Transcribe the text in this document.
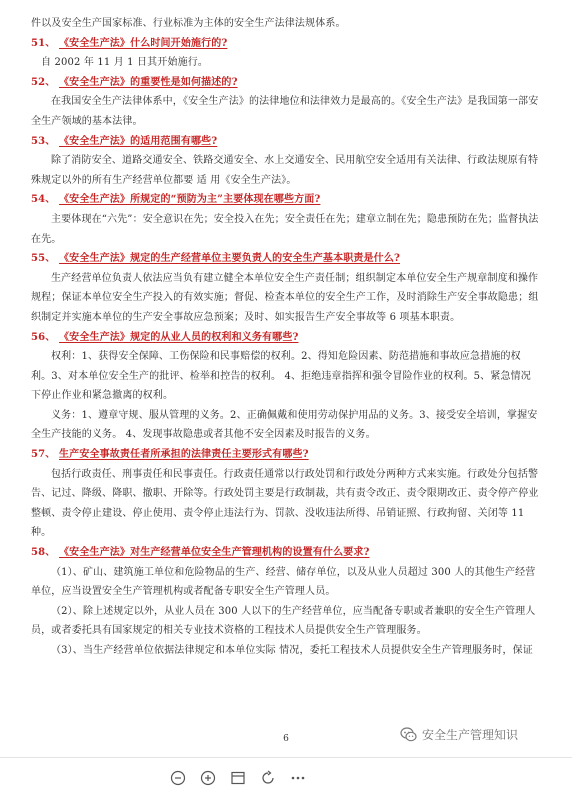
件以及安全生产国家标准、行业标准为主体的安全生产法律法规体系。

51、 《安全生产法》什么时间开始施行的?

自 2002 年 11 月 1 日其开始施行。

52、 《安全生产法》的重要性是如何描述的?

在我国安全生产法律体系中，《安全生产法》的法律地位和法律效力是最高的。《安全生产法》是我国第一部安全生产领域的基本法律。

53、 《安全生产法》的适用范围有哪些?

除了消防安全、道路交通安全、铁路交通安全、水上交通安全、民用航空安全适用有关法律、行政法规原有特殊规定以外的所有生产经营单位都要 适 用《安全生产法》。

54、 《安全生产法》所规定的“预防为主”主要体现在哪些方面?

主要体现在“六先”：安全意识在先；安全投入在先；安全责任在先；建章立制在先；隐患预防在先；监督执法在先。

55、 《安全生产法》规定的生产经营单位主要负责人的安全生产基本职责是什么?

生产经营单位负责人依法应当负有建立健全本单位安全生产责任制；组织制定本单位安全生产规章制度和操作规程；保证本单位安全生产投入的有效实施；督促、检查本单位的安全生产工作，及时消除生产安全事故隐患；组织制定并实施本单位的生产安全事故应急预案；及时、如实报告生产安全事故等 6 项基本职责。

56、 《安全生产法》规定的从业人员的权利和义务有哪些?

权利：1、获得安全保障、工伤保险和民事赔偿的权利。2、得知危险因素、防范措施和事故应急措施的权利。3、对本单位安全生产的批评、检举和控告的权利。 4、拒绝违章指挥和强令冒险作业的权利。5、紧急情况下停止作业和紧急撤离的权利。

义务：1、遵章守规、服从管理的义务。2、正确佩戴和使用劳动保护用品的义务。3、接受安全培训，掌握安全生产技能的义务。 4、发现事故隐患或者其他不安全因素及时报告的义务。

57、 生产安全事故责任者所承担的法律责任主要形式有哪些?

包括行政责任、刑事责任和民事责任。行政责任通常以行政处罚和行政处分两种方式来实施。行政处分包括警告、记过、降级、降职、撤职、开除等。行政处罚主要是行政制裁，共有责令改正、责令限期改正、责令停产停业整顿、责令停止建设、停止使用、责令停止违法行为、罚款、没收违法所得、吊销证照、行政拘留、关闭等 11 种。

58、 《安全生产法》对生产经营单位安全生产管理机构的设置有什么要求?

（1）、矿山、建筑施工单位和危险物品的生产、经营、储存单位，以及从业人员超过 300 人的其他生产经营单位，应当设置安全生产管理机构或者配备专职安全生产管理人员。

（2）、除上述规定以外，从业人员在 300 人以下的生产经营单位，应当配备专职或者兼职的安全生产管理人员，或者委托具有国家规定的相关专业技术资格的工程技术人员提供安全生产管理服务。

（3）、当生产经营单位依据法律规定和本单位实际 情况，委托工程技术人员提供安全生产管理服务时，保证

6	安全生产管理知识
